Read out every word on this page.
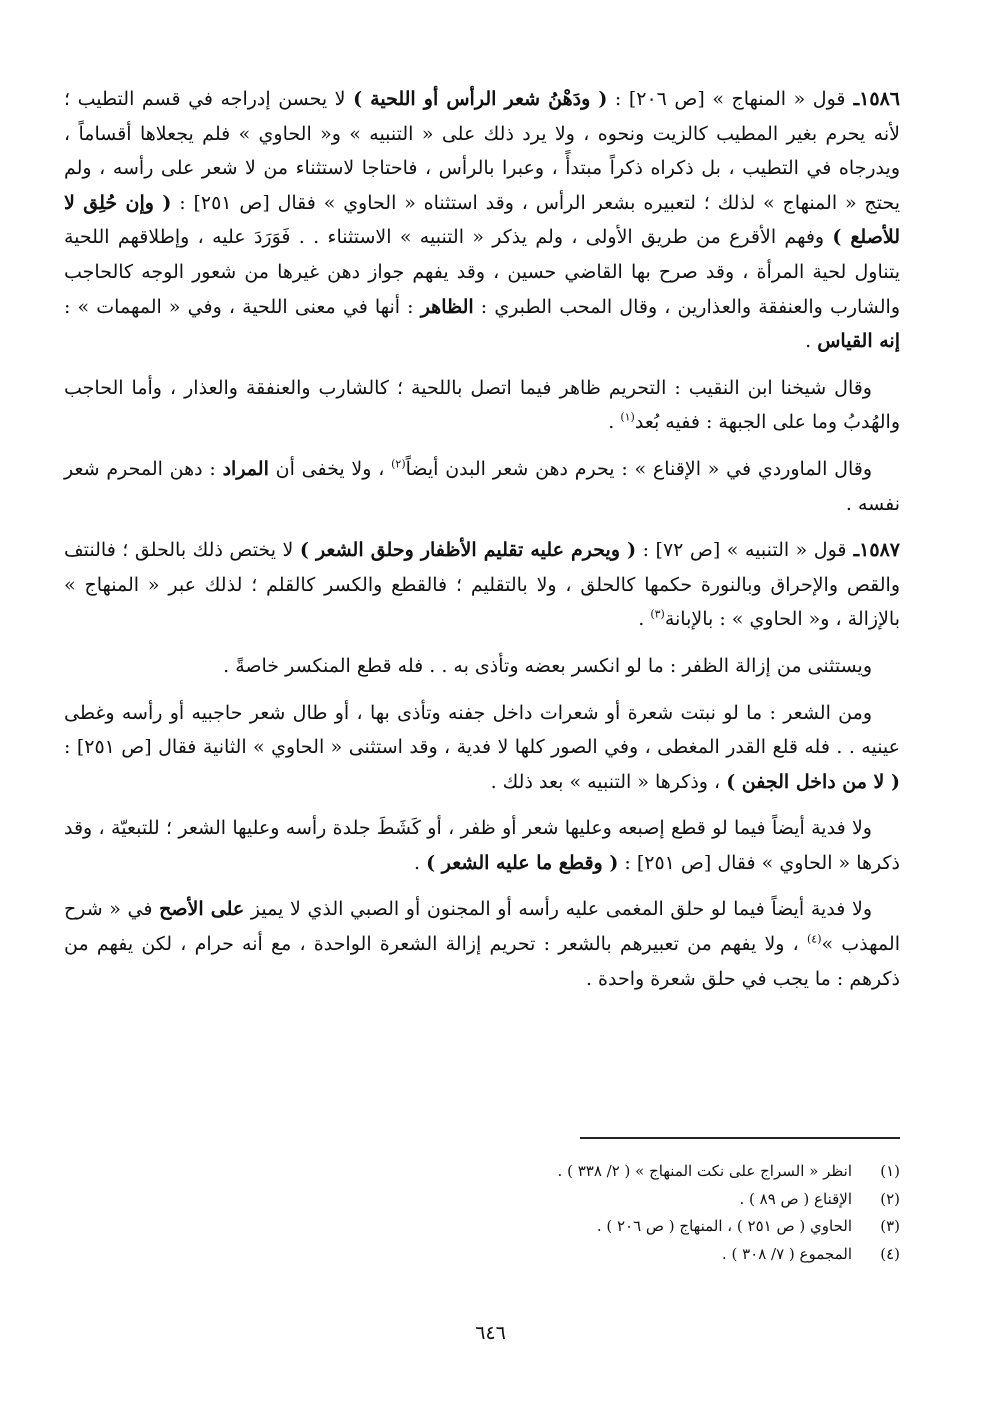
١٥٨٦ـ قول « المنهاج » [ص ٢٠٦] : ( ودَهْنُ شعر الرأس أو اللحية ) لا يحسن إدراجه في قسم التطيب ؛ لأنه يحرم بغير المطيب كالزيت ونحوه ، ولا يرد ذلك على « التنبيه » و« الحاوي » فلم يجعلاها أقساماً ، ويدرجاه في التطيب ، بل ذكراه ذكراً مبتدأً ، وعبرا بالرأس ، فاحتاجا لاستثناء من لا شعر على رأسه ، ولم يحتج « المنهاج » لذلك ؛ لتعبيره بشعر الرأس ، وقد استثناه « الحاوي » فقال [ص ٢٥١] : ( وإن حُلِق لا للأصلع ) وفهم الأقرع من طريق الأولى ، ولم يذكر « التنبيه » الاستثناء . . فَوَرَدَ عليه ، وإطلاقهم اللحية يتناول لحية المرأة ، وقد صرح بها القاضي حسين ، وقد يفهم جواز دهن غيرها من شعور الوجه كالحاجب والشارب والعنفقة والعذارين ، وقال المحب الطبري : الظاهر : أنها في معنى اللحية ، وفي « المهمات » : إنه القياس .

وقال شيخنا ابن النقيب : التحريم ظاهر فيما اتصل باللحية ؛ كالشارب والعنفقة والعذار ، وأما الحاجب والهُدبُ وما على الجبهة : ففيه بُعد$^{(١)}$ .

وقال الماوردي في « الإقناع » : يحرم دهن شعر البدن أيضاً$^{(٢)}$ ، ولا يخفى أن المراد : دهن المحرم شعر نفسه .

١٥٨٧ـ قول « التنبيه » [ص ٧٢] : ( ويحرم عليه تقليم الأظفار وحلق الشعر ) لا يختص ذلك بالحلق ؛ فالنتف والقص والإحراق وبالنورة حكمها كالحلق ، ولا بالتقليم ؛ فالقطع والكسر كالقلم ؛ لذلك عبر « المنهاج » بالإزالة ، و« الحاوي » : بالإبانة$^{(٣)}$ .

ويستثنى من إزالة الظفر : ما لو انكسر بعضه وتأذى به . . فله قطع المنكسر خاصةً .

ومن الشعر : ما لو نبتت شعرة أو شعرات داخل جفنه وتأذى بها ، أو طال شعر حاجبيه أو رأسه وغطى عينيه . . فله قلع القدر المغطى ، وفي الصور كلها لا فدية ، وقد استثنى « الحاوي » الثانية فقال [ص ٢٥١] : ( لا من داخل الجفن ) ، وذكرها « التنبيه » بعد ذلك .

ولا فدية أيضاً فيما لو قطع إصبعه وعليها شعر أو ظفر ، أو كَشَطَ جلدة رأسه وعليها الشعر ؛ للتبعيّة ، وقد ذكرها « الحاوي » فقال [ص ٢٥١] : ( وقطع ما عليه الشعر ) .

ولا فدية أيضاً فيما لو حلق المغمى عليه رأسه أو المجنون أو الصبي الذي لا يميز على الأصح في « شرح المهذب »$^{(٤)}$ ، ولا يفهم من تعبيرهم بالشعر : تحريم إزالة الشعرة الواحدة ، مع أنه حرام ، لكن يفهم من ذكرهم : ما يجب في حلق شعرة واحدة .

(١)
انظر « السراج على نكت المنهاج » ( ٢/ ٣٣٨ ) .
(٢)
الإقناع ( ص ٨٩ ) .
(٣)
الحاوي ( ص ٢٥١ ) ، المنهاج ( ص ٢٠٦ ) .
(٤)
المجموع ( ٧/ ٣٠٨ ) .
٦٤٦
